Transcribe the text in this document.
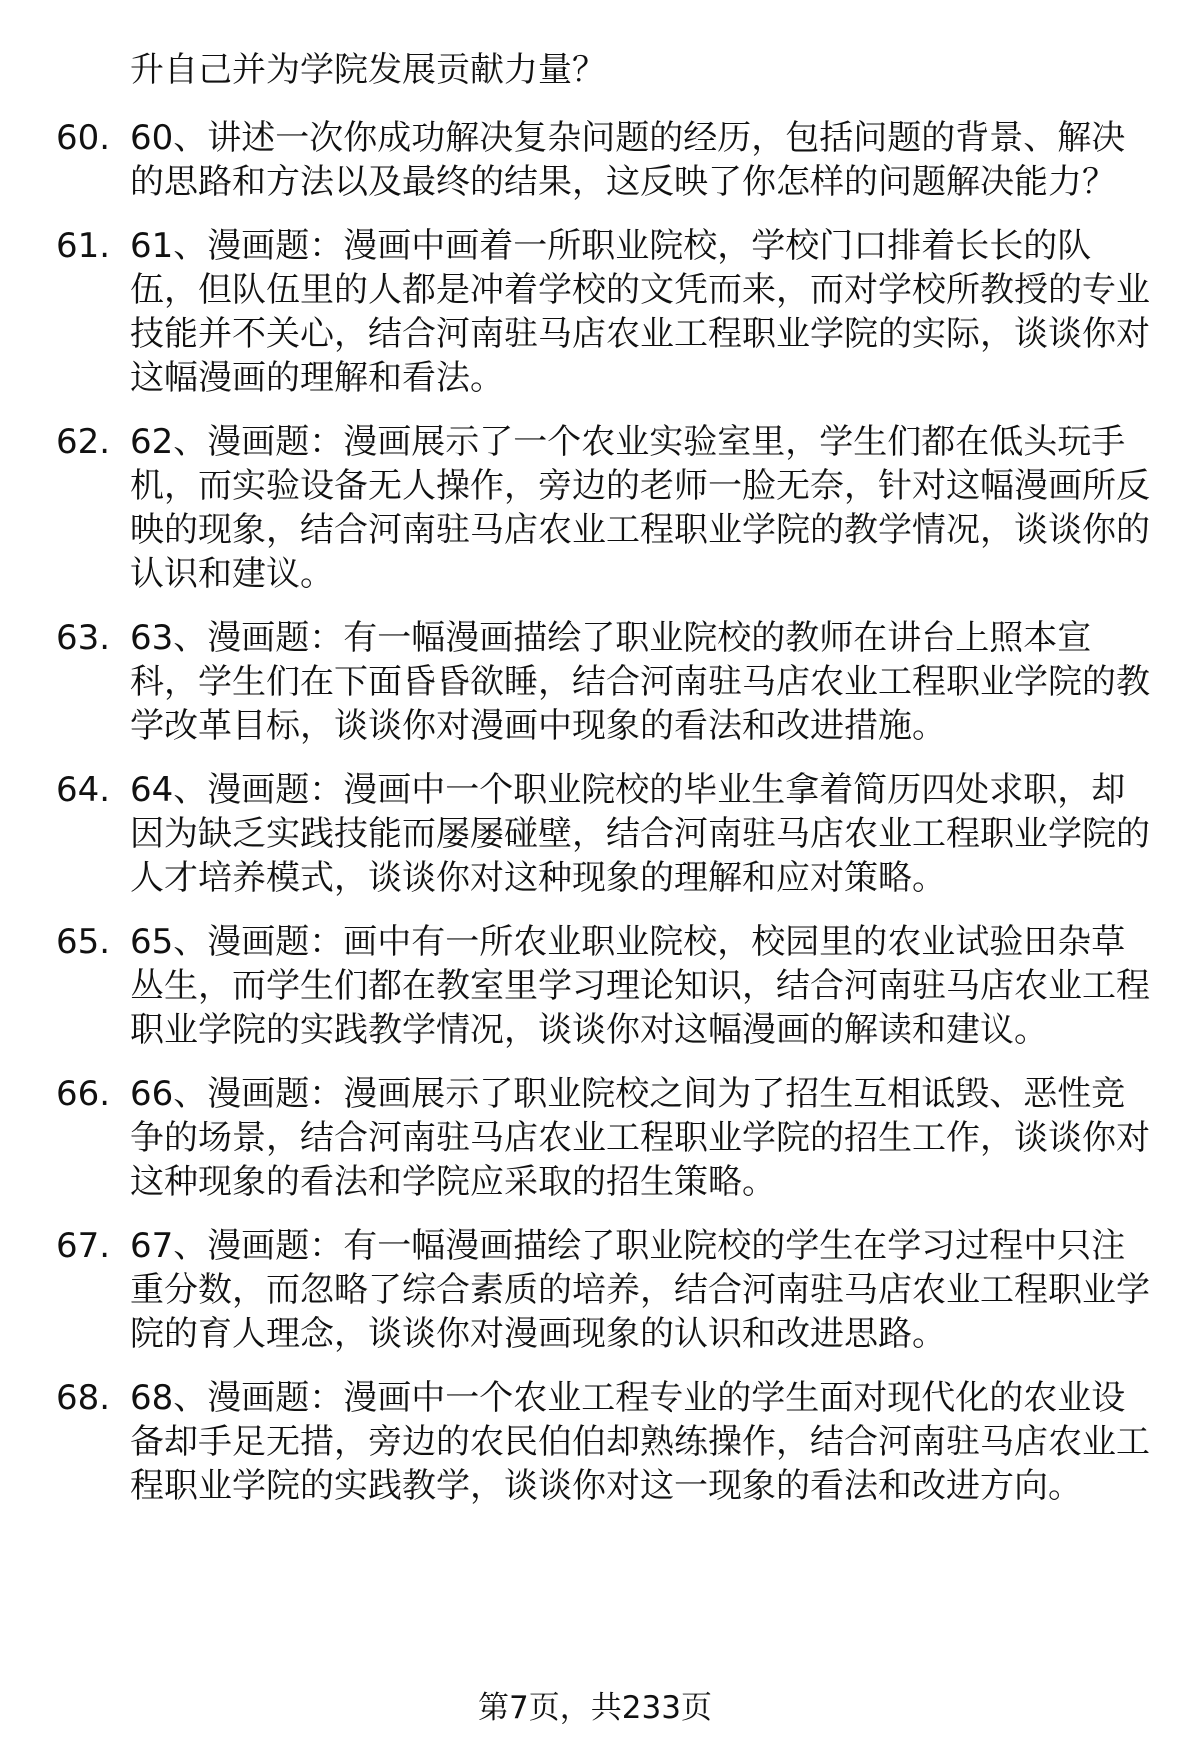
升自己并为学院发展贡献力量？
60. 60、讲述一次你成功解决复杂问题的经历，包括问题的背景、解决的思路和方法以及最终的结果，这反映了你怎样的问题解决能力？
61. 61、漫画题：漫画中画着一所职业院校，学校门口排着长长的队伍，但队伍里的人都是冲着学校的文凭而来，而对学校所教授的专业技能并不关心，结合河南驻马店农业工程职业学院的实际，谈谈你对这幅漫画的理解和看法。
62. 62、漫画题：漫画展示了一个农业实验室里，学生们都在低头玩手机，而实验设备无人操作，旁边的老师一脸无奈，针对这幅漫画所反映的现象，结合河南驻马店农业工程职业学院的教学情况，谈谈你的认识和建议。
63. 63、漫画题：有一幅漫画描绘了职业院校的教师在讲台上照本宣科，学生们在下面昏昏欲睡，结合河南驻马店农业工程职业学院的教学改革目标，谈谈你对漫画中现象的看法和改进措施。
64. 64、漫画题：漫画中一个职业院校的毕业生拿着简历四处求职，却因为缺乏实践技能而屡屡碰壁，结合河南驻马店农业工程职业学院的人才培养模式，谈谈你对这种现象的理解和应对策略。
65. 65、漫画题：画中有一所农业职业院校，校园里的农业试验田杂草丛生，而学生们都在教室里学习理论知识，结合河南驻马店农业工程职业学院的实践教学情况，谈谈你对这幅漫画的解读和建议。
66. 66、漫画题：漫画展示了职业院校之间为了招生互相诋毁、恶性竞争的场景，结合河南驻马店农业工程职业学院的招生工作，谈谈你对这种现象的看法和学院应采取的招生策略。
67. 67、漫画题：有一幅漫画描绘了职业院校的学生在学习过程中只注重分数，而忽略了综合素质的培养，结合河南驻马店农业工程职业学院的育人理念，谈谈你对漫画现象的认识和改进思路。
68. 68、漫画题：漫画中一个农业工程专业的学生面对现代化的农业设备却手足无措，旁边的农民伯伯却熟练操作，结合河南驻马店农业工程职业学院的实践教学，谈谈你对这一现象的看法和改进方向。
第7页，共233页
